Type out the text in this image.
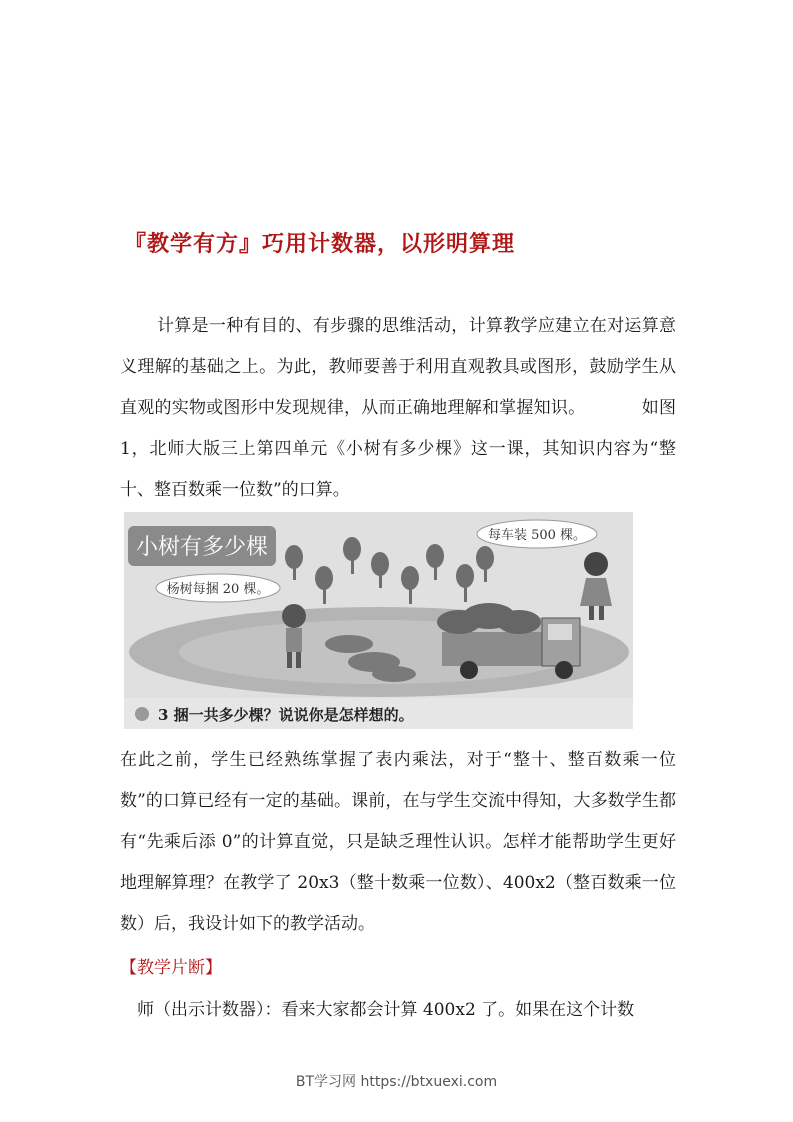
『教学有方』巧用计数器，以形明算理
计算是一种有目的、有步骤的思维活动，计算教学应建立在对运算意义理解的基础之上。为此，教师要善于利用直观教具或图形，鼓励学生从直观的实物或图形中发现规律，从而正确地理解和掌握知识。          如图 1，北师大版三上第四单元《小树有多少棵》这一课，其知识内容为“整十、整百数乘一位数”的口算。
小树有多少棵
杨树每捆 20 棵。
每车装 500 棵。
3 捆一共多少棵？说说你是怎样想的。
在此之前，学生已经熟练掌握了表内乘法，对于“整十、整百数乘一位数”的口算已经有一定的基础。课前，在与学生交流中得知，大多数学生都有“先乘后添 0”的计算直觉，只是缺乏理性认识。怎样才能帮助学生更好地理解算理？在教学了 20x3（整十数乘一位数）、400x2（整百数乘一位数）后，我设计如下的教学活动。
【教学片断】
师（出示计数器）：看来大家都会计算 400x2 了。如果在这个计数
BT学习网 https://btxuexi.com
